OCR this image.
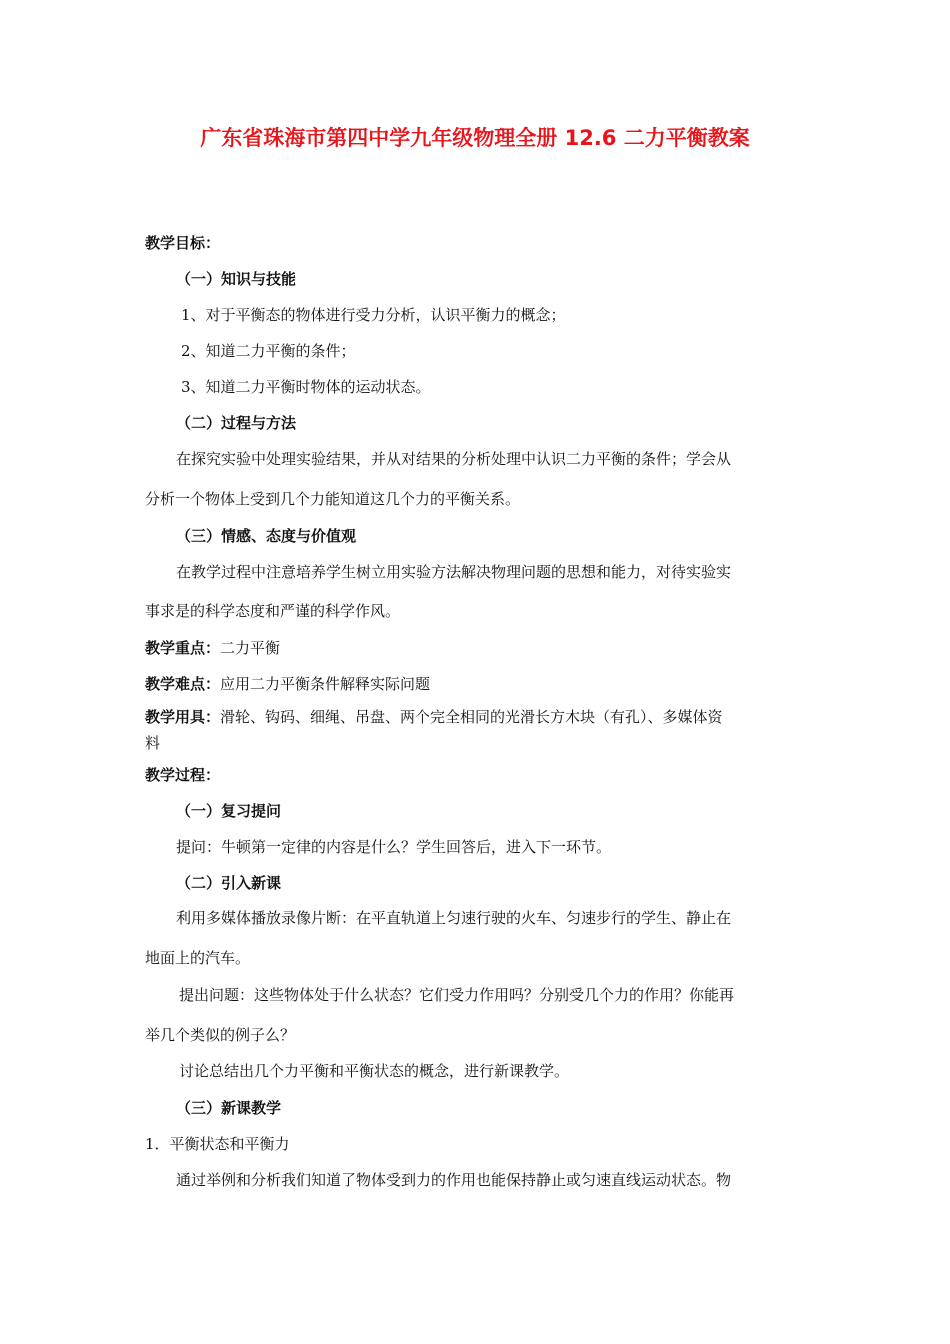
广东省珠海市第四中学九年级物理全册 12.6 二力平衡教案
教学目标：
（一）知识与技能
1、对于平衡态的物体进行受力分析，认识平衡力的概念；
2、知道二力平衡的条件；
3、知道二力平衡时物体的运动状态。
（二）过程与方法
在探究实验中处理实验结果，并从对结果的分析处理中认识二力平衡的条件；学会从
分析一个物体上受到几个力能知道这几个力的平衡关系。
（三）情感、态度与价值观
在教学过程中注意培养学生树立用实验方法解决物理问题的思想和能力，对待实验实
事求是的科学态度和严谨的科学作风。
教学重点：二力平衡
教学难点：应用二力平衡条件解释实际问题
教学用具：滑轮、钩码、细绳、吊盘、两个完全相同的光滑长方木块（有孔）、多媒体资
料
教学过程：
（一）复习提问
提问：牛顿第一定律的内容是什么？学生回答后，进入下一环节。
（二）引入新课
利用多媒体播放录像片断：在平直轨道上匀速行驶的火车、匀速步行的学生、静止在
地面上的汽车。
提出问题：这些物体处于什么状态？它们受力作用吗？分别受几个力的作用？你能再
举几个类似的例子么？
讨论总结出几个力平衡和平衡状态的概念，进行新课教学。
（三）新课教学
1．平衡状态和平衡力
通过举例和分析我们知道了物体受到力的作用也能保持静止或匀速直线运动状态。物
